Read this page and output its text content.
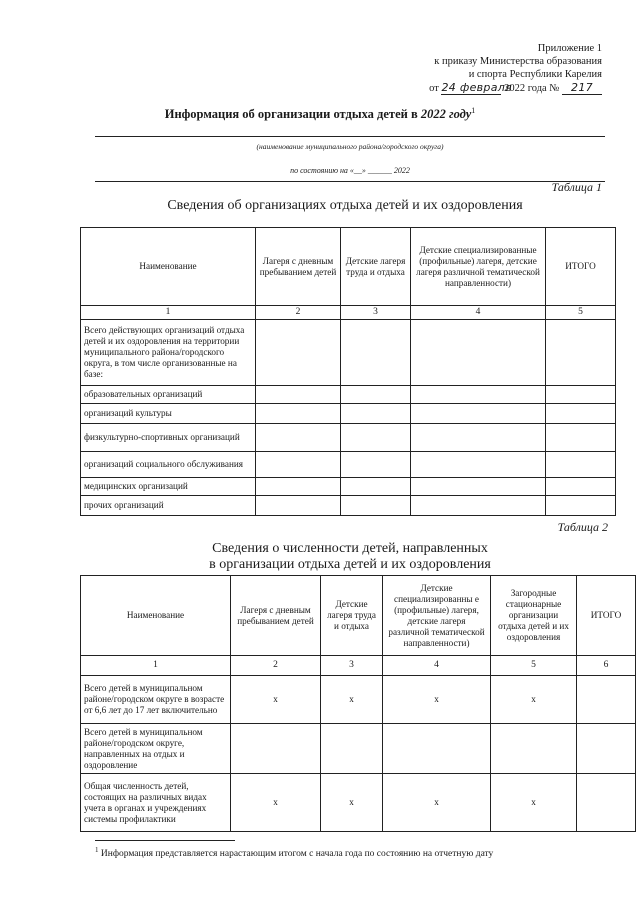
Приложение 1
к приказу Министерства образования
и спорта Республики Карелия
от 24 февраля 2022 года № 217
Информация об организации отдыха детей в 2022 году$^1$
(наименование муниципального района/городского округа)
по состоянию на «__» ______ 2022
Таблица 1
Сведения об организациях отдыха детей и их оздоровления
Наименование	Лагеря с дневным пребыванием детей	Детские лагеря труда и отдыха	Детские специализированные (профильные) лагеря, детские лагеря различной тематической направленности)	ИТОГО
1	2	3	4	5
Всего действующих организаций отдыха детей и их оздоровления на территории муниципального района/городского округа, в том числе организованные на базе:				
образовательных организаций				
организаций культуры				
физкультурно-спортивных организаций				
организаций социального обслуживания				
медицинских организаций				
прочих организаций				
Таблица 2
Сведения о численности детей, направленных
в организации отдыха детей и их оздоровления
Наименование	Лагеря с дневным пребыванием детей	Детские лагеря труда и отдыха	Детские специализированны е (профильные) лагеря, детские лагеря различной тематической направленности)	Загородные стационарные организации отдыха детей и их оздоровления	ИТОГО
1	2	3	4	5	6
Всего детей в муниципальном районе/городском округе в возрасте от 6,6 лет до 17 лет включительно	x	x	x	x	
Всего детей в муниципальном районе/городском округе, направленных на отдых и оздоровление					
Общая численность детей, состоящих на различных видах учета в органах и учреждениях системы профилактики	x	x	x	x	
$^1$ Информация представляется нарастающим итогом с начала года по состоянию на отчетную дату
